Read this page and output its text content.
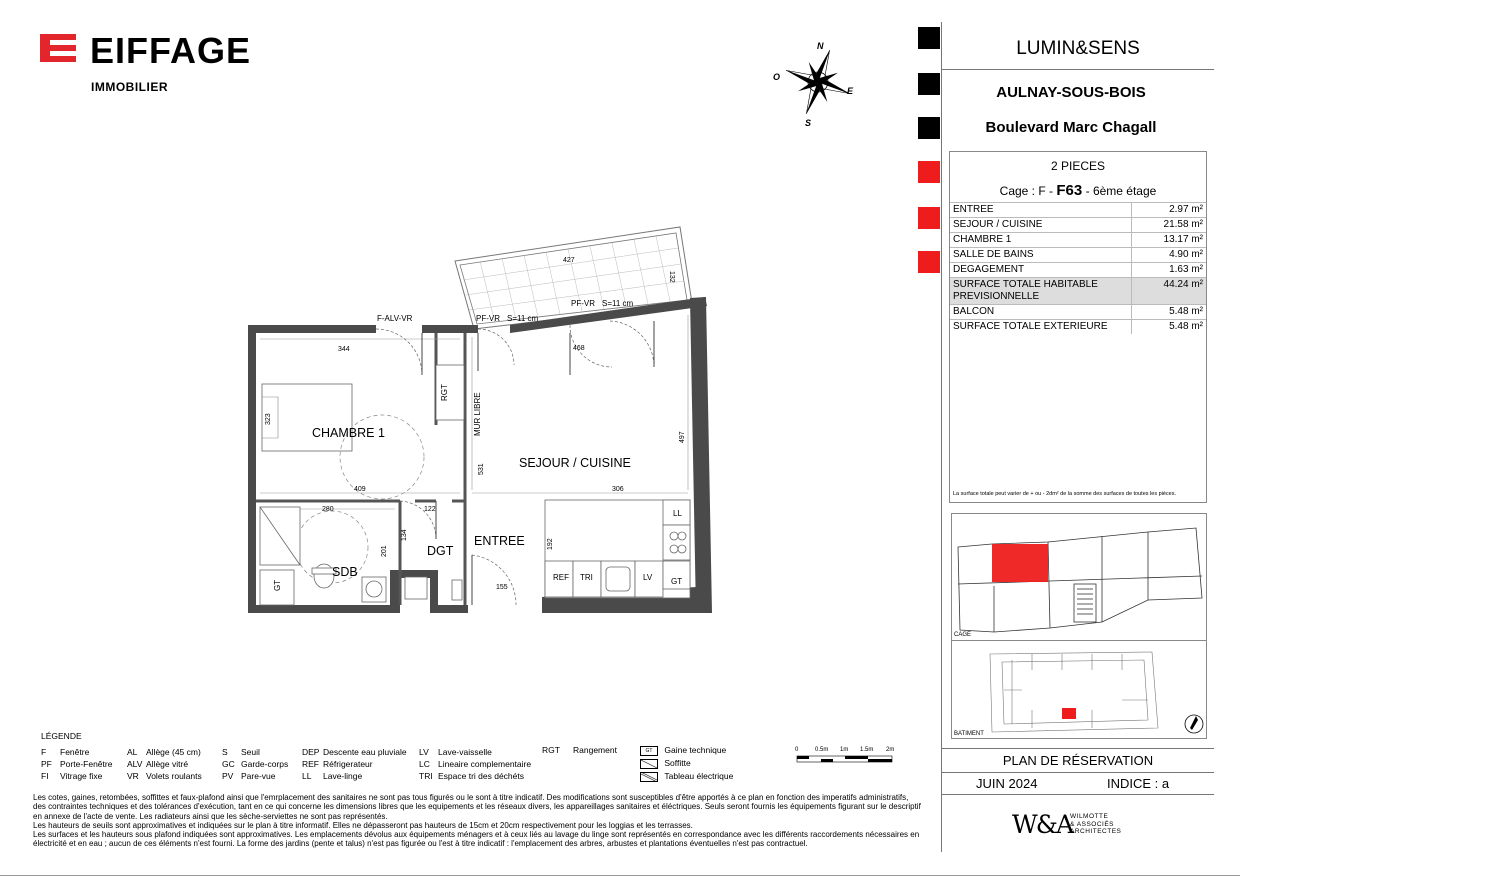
EIFFAGE
IMMOBILIER
N
S
E
O
CHAMBRE 1
SEJOUR / CUISINE
ENTREE
DGT
SDB
F-ALV-VR	PF-VR S=11 cm
PF-VR S=11 cm
RGT	MUR LIBRE
LL
REF TRI	LV GT
GT
344
427
132
468
323
497
531
409	306
280	122
201
134
192
155
LUMIN&SENS
AULNAY-SOUS-BOIS
Boulevard Marc Chagall
2 PIECES
Cage : F - F63 - 6ème étage
ENTREE	2.97 m²
SEJOUR / CUISINE	21.58 m²
CHAMBRE 1	13.17 m²
SALLE DE BAINS	4.90 m²
DEGAGEMENT	1.63 m²
SURFACE TOTALE HABITABLE
PREVISIONNELLE	44.24 m²
BALCON	5.48 m²
SURFACE TOTALE EXTERIEURE	5.48 m²
La surface totale peut varier de + ou - 2dm² de la somme des surfaces de toutes les pièces.
CAGE
BATIMENT
PLAN DE RÉSERVATION
JUIN 2024	INDICE : a
W&A
WILMOTTE
& ASSOCIÉS
ARCHITECTES
LÉGENDE
F	Fenêtre
PF	Porte-Fenêtre
FI	Vitrage fixe
AL	Allège (45 cm)
ALV	Allège vitré
VR	Volets roulants
S	Seuil
GC	Garde-corps
PV	Pare-vue
DEP	Descente eau pluviale
REF	Réfrigerateur
LL	Lave-linge
LV	Lave-vaisselle
LC	Lineaire complementaire
TRI	Espace tri des déchéts
RGT	Rangement	GT Gaine technique
Soffitte
Tableau électrique
0	0.5m 1m 1.5m 2m
Les cotes, gaines, retombées, soffittes et faux-plafond ainsi que l'emrplacement des sanitaires ne sont pas tous figurés ou le sont à titre indicatif. Des modifications sont susceptibles d'être apportés à ce plan en fonction des imperatifs administratifs, des contraintes techniques et des tolérances d'exécution, tant en ce qui concerne les dimensions libres que les equipements et les réseaux divers, les appareillages sanitaires et éléctriques. Seuls seront fournis les équipements figurant sur le descriptif en annexe de l'acte de vente. Les radiateurs ainsi que les sèche-serviettes ne sont pas représentés.
Les hauteurs de seuils sont approximatives et indiquées sur le plan à titre informatif. Elles ne dépasseront pas hauteurs de 15cm et 20cm respectivement pour les loggias et les terrasses.
Les surfaces et les hauteurs sous plafond indiquées sont approximatives. Les emplacements dévolus aux équipements ménagers et à ceux liés au lavage du linge sont représentés en correspondance avec les différents raccordements nécessaires en électricité et en eau ; aucun de ces éléments n'est fourni. La forme des jardins (pente et talus) n'est pas figurée ou l'est à titre indicatif : l'emplacement des arbres, arbustes et plantations éventuelles n'est pas contractuel.
